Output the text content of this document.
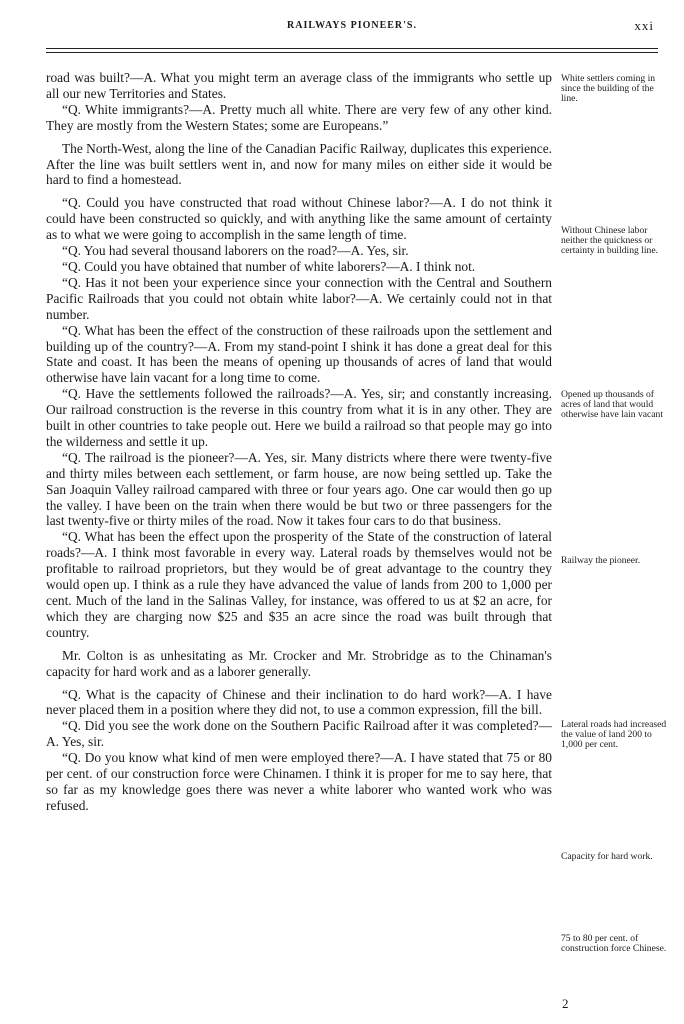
RAILWAYS PIONEER'S.	xxi

road was built?—A. What you might term an average class of the immigrants who settle up all our new Territories and States.

“Q. White immigrants?—A. Pretty much all white. There are very few of any other kind. They are mostly from the Western States; some are Europeans.”

The North-West, along the line of the Canadian Pacific Railway, duplicates this experience. After the line was built settlers went in, and now for many miles on either side it would be hard to find a homestead.

“Q. Could you have constructed that road without Chinese labor?—A. I do not think it could have been constructed so quickly, and with anything like the same amount of certainty as to what we were going to accomplish in the same length of time.

“Q. You had several thousand laborers on the road?—A. Yes, sir.

“Q. Could you have obtained that number of white laborers?—A. I think not.

“Q. Has it not been your experience since your connection with the Central and Southern Pacific Railroads that you could not obtain white labor?—A. We certainly could not in that number.

“Q. What has been the effect of the construction of these railroads upon the settlement and building up of the country?—A. From my stand-point I shink it has done a great deal for this State and coast. It has been the means of opening up thousands of acres of land that would otherwise have lain vacant for a long time to come.

“Q. Have the settlements followed the railroads?—A. Yes, sir; and constantly increasing. Our railroad construction is the reverse in this country from what it is in any other. They are built in other countries to take people out. Here we build a railroad so that people may go into the wilderness and settle it up.

“Q. The railroad is the pioneer?—A. Yes, sir. Many districts where there were twenty-five and thirty miles between each settlement, or farm house, are now being settled up. Take the San Joaquin Valley railroad campared with three or four years ago. One car would then go up the valley. I have been on the train when there would be but two or three passengers for the last twenty-five or thirty miles of the road. Now it takes four cars to do that business.

“Q. What has been the effect upon the prosperity of the State of the construction of lateral roads?—A. I think most favorable in every way. Lateral roads by themselves would not be profitable to railroad proprietors, but they would be of great advantage to the country they would open up. I think as a rule they have advanced the value of lands from 200 to 1,000 per cent. Much of the land in the Salinas Valley, for instance, was offered to us at $2 an acre, for which they are charging now $25 and $35 an acre since the road was built through that country.

Mr. Colton is as unhesitating as Mr. Crocker and Mr. Strobridge as to the Chinaman's capacity for hard work and as a laborer generally.

“Q. What is the capacity of Chinese and their inclination to do hard work?—A. I have never placed them in a position where they did not, to use a common expression, fill the bill.

“Q. Did you see the work done on the Southern Pacific Railroad after it was completed?—A. Yes, sir.

“Q. Do you know what kind of men were employed there?—A. I have stated that 75 or 80 per cent. of our construction force were Chinamen. I think it is proper for me to say here, that so far as my knowledge goes there was never a white laborer who wanted work who was refused.

White settlers coming in since the building of the line.
Without Chinese labor neither the quickness or certainty in building line.
Opened up thousands of acres of land that would otherwise have lain vacant
Railway the pioneer.
Lateral roads had increased the value of land 200 to 1,000 per cent.
Capacity for hard work.
75 to 80 per cent. of construction force Chinese.
2
